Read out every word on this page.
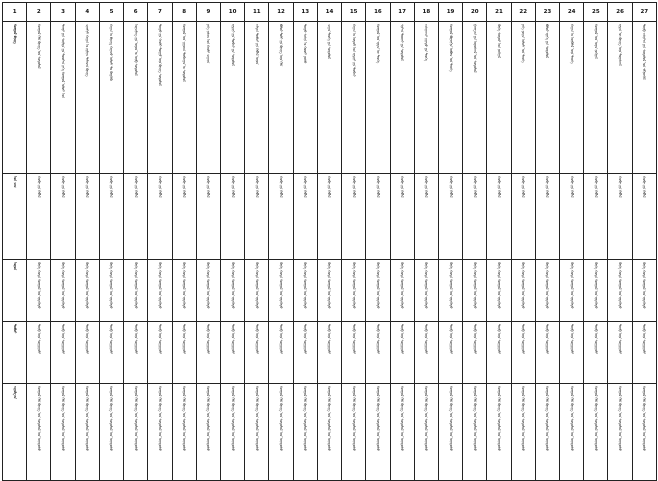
1	2	3	4	5	6	7	8	9	10	11	12	13	14	15	16	17	18	19	20	21	22	23	24	25	26	27

ᠮᠣᠩᠭᠣᠯ ᠪᠢᠴᠢᠭ	ᠮᠣᠩᠭᠣᠯ ᠬᠡᠯᠡ ᠪᠢᠴᠢᠭ ᠤᠨ ᠰᠤᠳᠤᠯᠤᠯ	ᠲᠡᠩᠷᠢ ᠶᠢᠨ ᠰᠦᠯᠳᠡ ᠶᠢᠨ ᠳᠣᠣᠷ᠎ᠠ ᠶᠡᠬᠡ ᠮᠣᠩᠭᠣᠯ ᠤᠯᠤᠰ ᠤᠨ	ᠴᠢᠩᠭᠢᠰ ᠬᠠᠭᠠᠨ ᠤ ᠵᠠᠷᠯᠢᠭ ᠲᠠᠮᠠᠭ᠎ᠠ ᠪᠢᠴᠢᠭ	ᠬᠠᠭᠠᠨ ᠤ ᠪᠢᠴᠢᠭ ᠬᠠᠷᠠᠴᠤ ᠤᠯᠤᠰ ᠲᠤ ᠬᠦᠷᠭᠡᠬᠦ	ᠣᠷᠴᠢᠯᠠᠩ ᠶᠢᠨ ᠣᠶᠤᠨ ᠤ ᠥᠪ ᠰᠤᠳᠤᠯᠤᠯ	ᠲᠦᠷᠦ ᠶᠢᠨ ᠬᠠᠤᠯᠢ ᠳᠦᠷᠢᠮ ᠦᠨ ᠪᠢᠴᠢᠭ ᠰᠤᠳᠤᠯᠤᠯ	ᠮᠣᠩᠭᠣᠯ ᠤᠨ ᠨᠢᠭᠤᠴᠠ ᠲᠣᠪᠴᠢᠶᠠᠨ ᠤ ᠰᠤᠳᠤᠯᠤᠯ	ᠶᠡᠬᠡ ᠵᠠᠰᠠᠭ ᠤᠨ ᠬᠠᠤᠯᠢ ᠴᠠᠭᠠᠵᠠ	ᠡᠷᠳᠡᠨᠢ ᠶᠢᠨ ᠲᠣᠪᠴᠢ ᠶᠢᠨ ᠰᠤᠳᠤᠯᠤᠯ	ᠠᠯᠲᠠᠨ ᠲᠣᠪᠴᠢ ᠶᠢᠨ ᠬᠡᠪᠯᠡᠯ ᠦᠳ	ᠪᠣᠯᠣᠷ ᠲᠣᠯᠢ ᠶᠢᠨ ᠪᠢᠴᠢᠭ ᠦᠨ ᠬᠡᠯᠡ	ᠲᠥᠷᠥ ᠰᠠᠰᠢᠨ ᠤ ᠬᠣᠣᠰ ᠶᠣᠰᠣ	ᠴᠠᠭᠠᠨ ᠲᠡᠦᠬᠡ ᠶᠢᠨ ᠰᠤᠳᠤᠯᠤᠯ	ᠬᠠᠭᠠᠨ ᠤ ᠤᠳᠤᠮ ᠤᠨ ᠡᠷᠳᠡᠨᠢ ᠶᠢᠨ ᠲᠣᠪᠴᠢ	ᠮᠣᠩᠭᠣᠯ ᠤᠨ ᠡᠷᠲᠡᠨ ᠦ ᠲᠡᠦᠬᠡ	ᠰᠢᠷ᠎ᠠ ᠲᠣᠣᠵᠢ ᠶᠢᠨ ᠰᠤᠳᠤᠯᠤᠯ	ᠠᠰᠠᠷᠠᠭᠴᠢ ᠨᠡᠷᠡᠲᠦ ᠶᠢᠨ ᠲᠡᠦᠬᠡ	ᠮᠣᠩᠭᠣᠯ ᠪᠣᠷᠵᠢᠭᠢᠨ ᠣᠪᠣᠭ ᠤᠨ ᠲᠡᠦᠬᠡ	ᠭᠠᠩᠭ᠎ᠠ ᠶᠢᠨ ᠤᠷᠤᠰᠬᠠᠯ ᠤᠨ ᠰᠤᠳᠤᠯᠤᠯ	ᠬᠥᠬᠡ ᠰᠣᠳᠣᠷ ᠤᠨ ᠵᠣᠬᠢᠶᠠᠯ	ᠶᠡᠬᠡ ᠶᠤᠸᠠᠨ ᠤᠯᠤᠰ ᠤᠨ ᠲᠡᠦᠬᠡ	ᠪᠣᠯᠤᠷ ᠡᠷᠢᠬᠡ ᠶᠢᠨ ᠰᠤᠳᠤᠯᠤᠯ	ᠬᠠᠭᠠᠨ ᠤ ᠥᠭᠦᠯᠡᠯ ᠦᠨ ᠲᠡᠦᠬᠡ	ᠮᠣᠩᠭᠣᠯ ᠤᠨ ᠤᠷᠠᠨ ᠵᠣᠬᠢᠶᠠᠯ	ᠡᠷᠲᠡᠨ ᠦ ᠪᠢᠴᠢᠭ ᠦᠨ ᠳᠤᠷᠠᠰᠬᠠᠯ	ᠲᠦᠪ ᠠᠰᠢᠶ᠎ᠠ ᠶᠢᠨ ᠰᠤᠳᠤᠯᠤᠯ ᠤᠨ ᠡᠮᠬᠢᠳᠬᠡᠯ

ᠣᠨ ᠴᠠᠭ	ᠬᠤᠪᠢ ᠶᠢᠨ ᠬᠡᠪᠯᠡᠯ	ᠬᠤᠪᠢ ᠶᠢᠨ ᠬᠡᠪᠯᠡᠯ	ᠬᠤᠪᠢ ᠶᠢᠨ ᠬᠡᠪᠯᠡᠯ	ᠬᠤᠪᠢ ᠶᠢᠨ ᠬᠡᠪᠯᠡᠯ	ᠬᠤᠪᠢ ᠶᠢᠨ ᠬᠡᠪᠯᠡᠯ	ᠬᠤᠪᠢ ᠶᠢᠨ ᠬᠡᠪᠯᠡᠯ	ᠬᠤᠪᠢ ᠶᠢᠨ ᠬᠡᠪᠯᠡᠯ	ᠬᠤᠪᠢ ᠶᠢᠨ ᠬᠡᠪᠯᠡᠯ	ᠬᠤᠪᠢ ᠶᠢᠨ ᠬᠡᠪᠯᠡᠯ	ᠬᠤᠪᠢ ᠶᠢᠨ ᠬᠡᠪᠯᠡᠯ	ᠬᠤᠪᠢ ᠶᠢᠨ ᠬᠡᠪᠯᠡᠯ	ᠬᠤᠪᠢ ᠶᠢᠨ ᠬᠡᠪᠯᠡᠯ	ᠬᠤᠪᠢ ᠶᠢᠨ ᠬᠡᠪᠯᠡᠯ	ᠬᠤᠪᠢ ᠶᠢᠨ ᠬᠡᠪᠯᠡᠯ	ᠬᠤᠪᠢ ᠶᠢᠨ ᠬᠡᠪᠯᠡᠯ	ᠬᠤᠪᠢ ᠶᠢᠨ ᠬᠡᠪᠯᠡᠯ	ᠬᠤᠪᠢ ᠶᠢᠨ ᠬᠡᠪᠯᠡᠯ	ᠬᠤᠪᠢ ᠶᠢᠨ ᠬᠡᠪᠯᠡᠯ	ᠬᠤᠪᠢ ᠶᠢᠨ ᠬᠡᠪᠯᠡᠯ	ᠬᠤᠪᠢ ᠶᠢᠨ ᠬᠡᠪᠯᠡᠯ	ᠬᠤᠪᠢ ᠶᠢᠨ ᠬᠡᠪᠯᠡᠯ	ᠬᠤᠪᠢ ᠶᠢᠨ ᠬᠡᠪᠯᠡᠯ	ᠬᠤᠪᠢ ᠶᠢᠨ ᠬᠡᠪᠯᠡᠯ	ᠬᠤᠪᠢ ᠶᠢᠨ ᠬᠡᠪᠯᠡᠯ	ᠬᠤᠪᠢ ᠶᠢᠨ ᠬᠡᠪᠯᠡᠯ	ᠬᠤᠪᠢ ᠶᠢᠨ ᠬᠡᠪᠯᠡᠯ

ᠣᠷᠣᠨ	ᠬᠥᠬᠡ ᠬᠣᠲᠠ ᠮᠣᠩᠭᠣᠯ ᠤᠨ ᠢᠳᠡᠭᠡᠳᠦ	ᠬᠥᠬᠡ ᠬᠣᠲᠠ ᠮᠣᠩᠭᠣᠯ ᠤᠨ ᠢᠳᠡᠭᠡᠳᠦ	ᠬᠥᠬᠡ ᠬᠣᠲᠠ ᠮᠣᠩᠭᠣᠯ ᠤᠨ ᠢᠳᠡᠭᠡᠳᠦ	ᠬᠥᠬᠡ ᠬᠣᠲᠠ ᠮᠣᠩᠭᠣᠯ ᠤᠨ ᠢᠳᠡᠭᠡᠳᠦ	ᠬᠥᠬᠡ ᠬᠣᠲᠠ ᠮᠣᠩᠭᠣᠯ ᠤᠨ ᠢᠳᠡᠭᠡᠳᠦ	ᠬᠥᠬᠡ ᠬᠣᠲᠠ ᠮᠣᠩᠭᠣᠯ ᠤᠨ ᠢᠳᠡᠭᠡᠳᠦ	ᠬᠥᠬᠡ ᠬᠣᠲᠠ ᠮᠣᠩᠭᠣᠯ ᠤᠨ ᠢᠳᠡᠭᠡᠳᠦ	ᠬᠥᠬᠡ ᠬᠣᠲᠠ ᠮᠣᠩᠭᠣᠯ ᠤᠨ ᠢᠳᠡᠭᠡᠳᠦ	ᠬᠥᠬᠡ ᠬᠣᠲᠠ ᠮᠣᠩᠭᠣᠯ ᠤᠨ ᠢᠳᠡᠭᠡᠳᠦ	ᠬᠥᠬᠡ ᠬᠣᠲᠠ ᠮᠣᠩᠭᠣᠯ ᠤᠨ ᠢᠳᠡᠭᠡᠳᠦ	ᠬᠥᠬᠡ ᠬᠣᠲᠠ ᠮᠣᠩᠭᠣᠯ ᠤᠨ ᠢᠳᠡᠭᠡᠳᠦ	ᠬᠥᠬᠡ ᠬᠣᠲᠠ ᠮᠣᠩᠭᠣᠯ ᠤᠨ ᠢᠳᠡᠭᠡᠳᠦ	ᠬᠥᠬᠡ ᠬᠣᠲᠠ ᠮᠣᠩᠭᠣᠯ ᠤᠨ ᠢᠳᠡᠭᠡᠳᠦ	ᠬᠥᠬᠡ ᠬᠣᠲᠠ ᠮᠣᠩᠭᠣᠯ ᠤᠨ ᠢᠳᠡᠭᠡᠳᠦ	ᠬᠥᠬᠡ ᠬᠣᠲᠠ ᠮᠣᠩᠭᠣᠯ ᠤᠨ ᠢᠳᠡᠭᠡᠳᠦ	ᠬᠥᠬᠡ ᠬᠣᠲᠠ ᠮᠣᠩᠭᠣᠯ ᠤᠨ ᠢᠳᠡᠭᠡᠳᠦ	ᠬᠥᠬᠡ ᠬᠣᠲᠠ ᠮᠣᠩᠭᠣᠯ ᠤᠨ ᠢᠳᠡᠭᠡᠳᠦ	ᠬᠥᠬᠡ ᠬᠣᠲᠠ ᠮᠣᠩᠭᠣᠯ ᠤᠨ ᠢᠳᠡᠭᠡᠳᠦ	ᠬᠥᠬᠡ ᠬᠣᠲᠠ ᠮᠣᠩᠭᠣᠯ ᠤᠨ ᠢᠳᠡᠭᠡᠳᠦ	ᠬᠥᠬᠡ ᠬᠣᠲᠠ ᠮᠣᠩᠭᠣᠯ ᠤᠨ ᠢᠳᠡᠭᠡᠳᠦ	ᠬᠥᠬᠡ ᠬᠣᠲᠠ ᠮᠣᠩᠭᠣᠯ ᠤᠨ ᠢᠳᠡᠭᠡᠳᠦ	ᠬᠥᠬᠡ ᠬᠣᠲᠠ ᠮᠣᠩᠭᠣᠯ ᠤᠨ ᠢᠳᠡᠭᠡᠳᠦ	ᠬᠥᠬᠡ ᠬᠣᠲᠠ ᠮᠣᠩᠭᠣᠯ ᠤᠨ ᠢᠳᠡᠭᠡᠳᠦ	ᠬᠥᠬᠡ ᠬᠣᠲᠠ ᠮᠣᠩᠭᠣᠯ ᠤᠨ ᠢᠳᠡᠭᠡᠳᠦ	ᠬᠥᠬᠡ ᠬᠣᠲᠠ ᠮᠣᠩᠭᠣᠯ ᠤᠨ ᠢᠳᠡᠭᠡᠳᠦ	ᠬᠥᠬᠡ ᠬᠣᠲᠠ ᠮᠣᠩᠭᠣᠯ ᠤᠨ ᠢᠳᠡᠭᠡᠳᠦ

ᠲᠣᠪᠴᠢ	ᠲᠥᠪ ᠦᠨ ᠰᠤᠷᠭᠠᠭᠤᠯᠢ	ᠲᠥᠪ ᠦᠨ ᠰᠤᠷᠭᠠᠭᠤᠯᠢ	ᠲᠥᠪ ᠦᠨ ᠰᠤᠷᠭᠠᠭᠤᠯᠢ	ᠲᠥᠪ ᠦᠨ ᠰᠤᠷᠭᠠᠭᠤᠯᠢ	ᠲᠥᠪ ᠦᠨ ᠰᠤᠷᠭᠠᠭᠤᠯᠢ	ᠲᠥᠪ ᠦᠨ ᠰᠤᠷᠭᠠᠭᠤᠯᠢ	ᠲᠥᠪ ᠦᠨ ᠰᠤᠷᠭᠠᠭᠤᠯᠢ	ᠲᠥᠪ ᠦᠨ ᠰᠤᠷᠭᠠᠭᠤᠯᠢ	ᠲᠥᠪ ᠦᠨ ᠰᠤᠷᠭᠠᠭᠤᠯᠢ	ᠲᠥᠪ ᠦᠨ ᠰᠤᠷᠭᠠᠭᠤᠯᠢ	ᠲᠥᠪ ᠦᠨ ᠰᠤᠷᠭᠠᠭᠤᠯᠢ	ᠲᠥᠪ ᠦᠨ ᠰᠤᠷᠭᠠᠭᠤᠯᠢ	ᠲᠥᠪ ᠦᠨ ᠰᠤᠷᠭᠠᠭᠤᠯᠢ	ᠲᠥᠪ ᠦᠨ ᠰᠤᠷᠭᠠᠭᠤᠯᠢ	ᠲᠥᠪ ᠦᠨ ᠰᠤᠷᠭᠠᠭᠤᠯᠢ	ᠲᠥᠪ ᠦᠨ ᠰᠤᠷᠭᠠᠭᠤᠯᠢ	ᠲᠥᠪ ᠦᠨ ᠰᠤᠷᠭᠠᠭᠤᠯᠢ	ᠲᠥᠪ ᠦᠨ ᠰᠤᠷᠭᠠᠭᠤᠯᠢ	ᠲᠥᠪ ᠦᠨ ᠰᠤᠷᠭᠠᠭᠤᠯᠢ	ᠲᠥᠪ ᠦᠨ ᠰᠤᠷᠭᠠᠭᠤᠯᠢ	ᠲᠥᠪ ᠦᠨ ᠰᠤᠷᠭᠠᠭᠤᠯᠢ	ᠲᠥᠪ ᠦᠨ ᠰᠤᠷᠭᠠᠭᠤᠯᠢ	ᠲᠥᠪ ᠦᠨ ᠰᠤᠷᠭᠠᠭᠤᠯᠢ	ᠲᠥᠪ ᠦᠨ ᠰᠤᠷᠭᠠᠭᠤᠯᠢ	ᠲᠥᠪ ᠦᠨ ᠰᠤᠷᠭᠠᠭᠤᠯᠢ	ᠲᠥᠪ ᠦᠨ ᠰᠤᠷᠭᠠᠭᠤᠯᠢ

ᠠᠭᠤᠯᠭ᠎ᠠ	ᠮᠣᠩᠭᠣᠯ ᠬᠡᠯᠡ ᠪᠢᠴᠢᠭ ᠤᠨ ᠰᠤᠳᠤᠯᠤᠯ ᠤᠨ ᠦᠨᠳᠦᠰᠦ	ᠮᠣᠩᠭᠣᠯ ᠬᠡᠯᠡ ᠪᠢᠴᠢᠭ ᠤᠨ ᠰᠤᠳᠤᠯᠤᠯ ᠤᠨ ᠦᠨᠳᠦᠰᠦ	ᠮᠣᠩᠭᠣᠯ ᠬᠡᠯᠡ ᠪᠢᠴᠢᠭ ᠤᠨ ᠰᠤᠳᠤᠯᠤᠯ ᠤᠨ ᠦᠨᠳᠦᠰᠦ	ᠮᠣᠩᠭᠣᠯ ᠬᠡᠯᠡ ᠪᠢᠴᠢᠭ ᠤᠨ ᠰᠤᠳᠤᠯᠤᠯ ᠤᠨ ᠦᠨᠳᠦᠰᠦ	ᠮᠣᠩᠭᠣᠯ ᠬᠡᠯᠡ ᠪᠢᠴᠢᠭ ᠤᠨ ᠰᠤᠳᠤᠯᠤᠯ ᠤᠨ ᠦᠨᠳᠦᠰᠦ	ᠮᠣᠩᠭᠣᠯ ᠬᠡᠯᠡ ᠪᠢᠴᠢᠭ ᠤᠨ ᠰᠤᠳᠤᠯᠤᠯ ᠤᠨ ᠦᠨᠳᠦᠰᠦ	ᠮᠣᠩᠭᠣᠯ ᠬᠡᠯᠡ ᠪᠢᠴᠢᠭ ᠤᠨ ᠰᠤᠳᠤᠯᠤᠯ ᠤᠨ ᠦᠨᠳᠦᠰᠦ	ᠮᠣᠩᠭᠣᠯ ᠬᠡᠯᠡ ᠪᠢᠴᠢᠭ ᠤᠨ ᠰᠤᠳᠤᠯᠤᠯ ᠤᠨ ᠦᠨᠳᠦᠰᠦ	ᠮᠣᠩᠭᠣᠯ ᠬᠡᠯᠡ ᠪᠢᠴᠢᠭ ᠤᠨ ᠰᠤᠳᠤᠯᠤᠯ ᠤᠨ ᠦᠨᠳᠦᠰᠦ	ᠮᠣᠩᠭᠣᠯ ᠬᠡᠯᠡ ᠪᠢᠴᠢᠭ ᠤᠨ ᠰᠤᠳᠤᠯᠤᠯ ᠤᠨ ᠦᠨᠳᠦᠰᠦ	ᠮᠣᠩᠭᠣᠯ ᠬᠡᠯᠡ ᠪᠢᠴᠢᠭ ᠤᠨ ᠰᠤᠳᠤᠯᠤᠯ ᠤᠨ ᠦᠨᠳᠦᠰᠦ	ᠮᠣᠩᠭᠣᠯ ᠬᠡᠯᠡ ᠪᠢᠴᠢᠭ ᠤᠨ ᠰᠤᠳᠤᠯᠤᠯ ᠤᠨ ᠦᠨᠳᠦᠰᠦ	ᠮᠣᠩᠭᠣᠯ ᠬᠡᠯᠡ ᠪᠢᠴᠢᠭ ᠤᠨ ᠰᠤᠳᠤᠯᠤᠯ ᠤᠨ ᠦᠨᠳᠦᠰᠦ	ᠮᠣᠩᠭᠣᠯ ᠬᠡᠯᠡ ᠪᠢᠴᠢᠭ ᠤᠨ ᠰᠤᠳᠤᠯᠤᠯ ᠤᠨ ᠦᠨᠳᠦᠰᠦ	ᠮᠣᠩᠭᠣᠯ ᠬᠡᠯᠡ ᠪᠢᠴᠢᠭ ᠤᠨ ᠰᠤᠳᠤᠯᠤᠯ ᠤᠨ ᠦᠨᠳᠦᠰᠦ	ᠮᠣᠩᠭᠣᠯ ᠬᠡᠯᠡ ᠪᠢᠴᠢᠭ ᠤᠨ ᠰᠤᠳᠤᠯᠤᠯ ᠤᠨ ᠦᠨᠳᠦᠰᠦ	ᠮᠣᠩᠭᠣᠯ ᠬᠡᠯᠡ ᠪᠢᠴᠢᠭ ᠤᠨ ᠰᠤᠳᠤᠯᠤᠯ ᠤᠨ ᠦᠨᠳᠦᠰᠦ	ᠮᠣᠩᠭᠣᠯ ᠬᠡᠯᠡ ᠪᠢᠴᠢᠭ ᠤᠨ ᠰᠤᠳᠤᠯᠤᠯ ᠤᠨ ᠦᠨᠳᠦᠰᠦ	ᠮᠣᠩᠭᠣᠯ ᠬᠡᠯᠡ ᠪᠢᠴᠢᠭ ᠤᠨ ᠰᠤᠳᠤᠯᠤᠯ ᠤᠨ ᠦᠨᠳᠦᠰᠦ	ᠮᠣᠩᠭᠣᠯ ᠬᠡᠯᠡ ᠪᠢᠴᠢᠭ ᠤᠨ ᠰᠤᠳᠤᠯᠤᠯ ᠤᠨ ᠦᠨᠳᠦᠰᠦ	ᠮᠣᠩᠭᠣᠯ ᠬᠡᠯᠡ ᠪᠢᠴᠢᠭ ᠤᠨ ᠰᠤᠳᠤᠯᠤᠯ ᠤᠨ ᠦᠨᠳᠦᠰᠦ	ᠮᠣᠩᠭᠣᠯ ᠬᠡᠯᠡ ᠪᠢᠴᠢᠭ ᠤᠨ ᠰᠤᠳᠤᠯᠤᠯ ᠤᠨ ᠦᠨᠳᠦᠰᠦ	ᠮᠣᠩᠭᠣᠯ ᠬᠡᠯᠡ ᠪᠢᠴᠢᠭ ᠤᠨ ᠰᠤᠳᠤᠯᠤᠯ ᠤᠨ ᠦᠨᠳᠦᠰᠦ	ᠮᠣᠩᠭᠣᠯ ᠬᠡᠯᠡ ᠪᠢᠴᠢᠭ ᠤᠨ ᠰᠤᠳᠤᠯᠤᠯ ᠤᠨ ᠦᠨᠳᠦᠰᠦ	ᠮᠣᠩᠭᠣᠯ ᠬᠡᠯᠡ ᠪᠢᠴᠢᠭ ᠤᠨ ᠰᠤᠳᠤᠯᠤᠯ ᠤᠨ ᠦᠨᠳᠦᠰᠦ	ᠮᠣᠩᠭᠣᠯ ᠬᠡᠯᠡ ᠪᠢᠴᠢᠭ ᠤᠨ ᠰᠤᠳᠤᠯᠤᠯ ᠤᠨ ᠦᠨᠳᠦᠰᠦ
